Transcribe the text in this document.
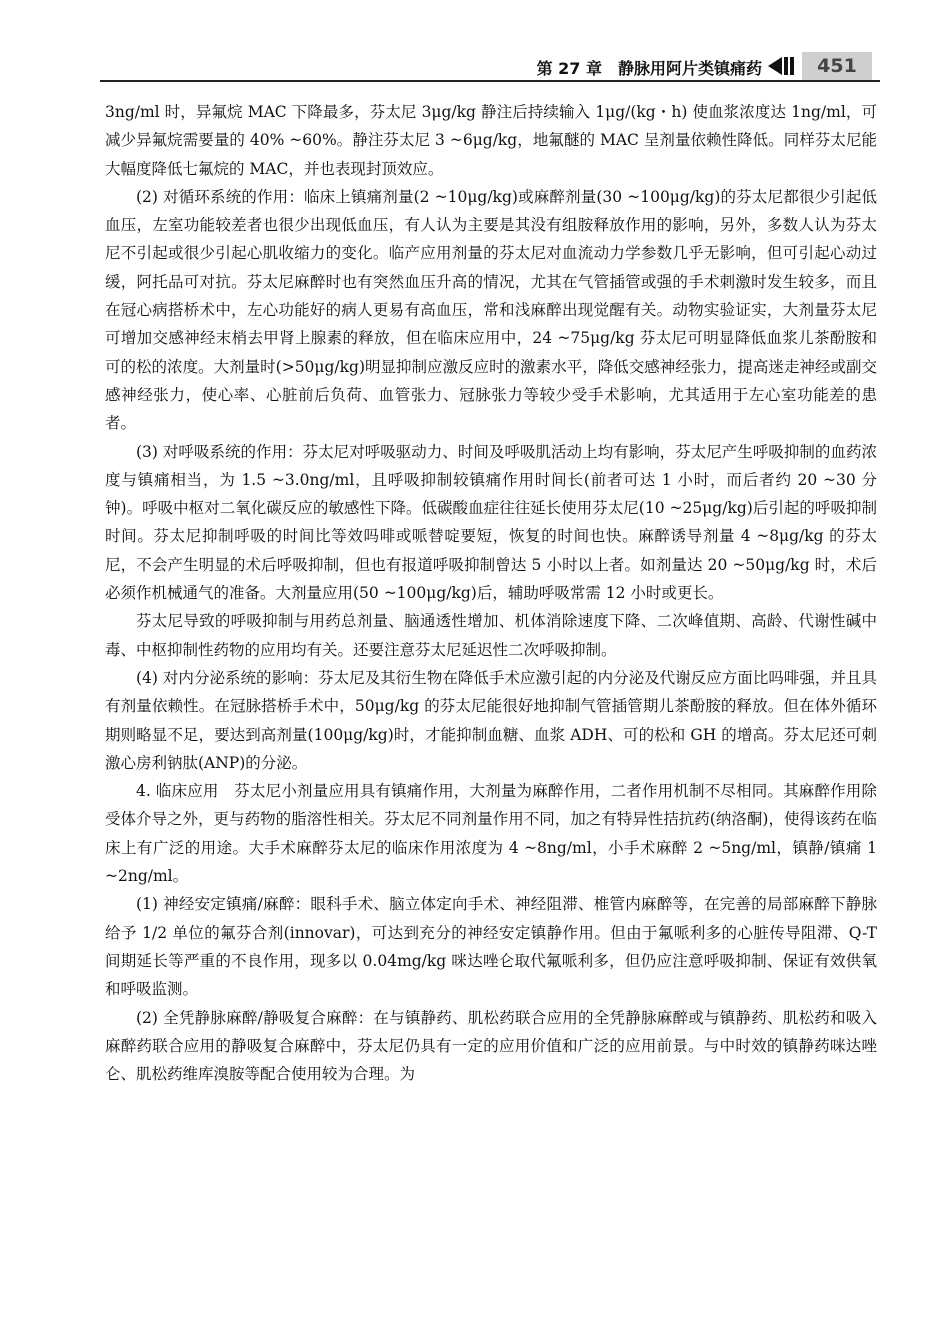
第 27 章　静脉用阿片类镇痛药	451

3ng/ml 时，异氟烷 MAC 下降最多，芬太尼 3μg/kg 静注后持续输入 1μg/(kg・h) 使血浆浓度达 1ng/ml，可减少异氟烷需要量的 40% ~60%。静注芬太尼 3 ~6μg/kg，地氟醚的 MAC 呈剂量依赖性降低。同样芬太尼能大幅度降低七氟烷的 MAC，并也表现封顶效应。

(2) 对循环系统的作用：临床上镇痛剂量(2 ~10μg/kg)或麻醉剂量(30 ~100μg/kg)的芬太尼都很少引起低血压，左室功能较差者也很少出现低血压，有人认为主要是其没有组胺释放作用的影响，另外，多数人认为芬太尼不引起或很少引起心肌收缩力的变化。临产应用剂量的芬太尼对血流动力学参数几乎无影响，但可引起心动过缓，阿托品可对抗。芬太尼麻醉时也有突然血压升高的情况，尤其在气管插管或强的手术刺激时发生较多，而且在冠心病搭桥术中，左心功能好的病人更易有高血压，常和浅麻醉出现觉醒有关。动物实验证实，大剂量芬太尼可增加交感神经末梢去甲肾上腺素的释放，但在临床应用中，24 ~75μg/kg 芬太尼可明显降低血浆儿茶酚胺和可的松的浓度。大剂量时(>50μg/kg)明显抑制应激反应时的激素水平，降低交感神经张力，提高迷走神经或副交感神经张力，使心率、心脏前后负荷、血管张力、冠脉张力等较少受手术影响，尤其适用于左心室功能差的患者。

(3) 对呼吸系统的作用：芬太尼对呼吸驱动力、时间及呼吸肌活动上均有影响，芬太尼产生呼吸抑制的血药浓度与镇痛相当，为 1.5 ~3.0ng/ml，且呼吸抑制较镇痛作用时间长(前者可达 1 小时，而后者约 20 ~30 分钟)。呼吸中枢对二氧化碳反应的敏感性下降。低碳酸血症往往延长使用芬太尼(10 ~25μg/kg)后引起的呼吸抑制时间。芬太尼抑制呼吸的时间比等效吗啡或哌替啶要短，恢复的时间也快。麻醉诱导剂量 4 ~8μg/kg 的芬太尼，不会产生明显的术后呼吸抑制，但也有报道呼吸抑制曾达 5 小时以上者。如剂量达 20 ~50μg/kg 时，术后必须作机械通气的准备。大剂量应用(50 ~100μg/kg)后，辅助呼吸常需 12 小时或更长。

芬太尼导致的呼吸抑制与用药总剂量、脑通透性增加、机体消除速度下降、二次峰值期、高龄、代谢性碱中毒、中枢抑制性药物的应用均有关。还要注意芬太尼延迟性二次呼吸抑制。

(4) 对内分泌系统的影响：芬太尼及其衍生物在降低手术应激引起的内分泌及代谢反应方面比吗啡强，并且具有剂量依赖性。在冠脉搭桥手术中，50μg/kg 的芬太尼能很好地抑制气管插管期儿茶酚胺的释放。但在体外循环期则略显不足，要达到高剂量(100μg/kg)时，才能抑制血糖、血浆 ADH、可的松和 GH 的增高。芬太尼还可刺激心房利钠肽(ANP)的分泌。

4. 临床应用　芬太尼小剂量应用具有镇痛作用，大剂量为麻醉作用，二者作用机制不尽相同。其麻醉作用除受体介导之外，更与药物的脂溶性相关。芬太尼不同剂量作用不同，加之有特异性拮抗药(纳洛酮)，使得该药在临床上有广泛的用途。大手术麻醉芬太尼的临床作用浓度为 4 ~8ng/ml，小手术麻醉 2 ~5ng/ml，镇静/镇痛 1 ~2ng/ml。

(1) 神经安定镇痛/麻醉：眼科手术、脑立体定向手术、神经阻滞、椎管内麻醉等，在完善的局部麻醉下静脉给予 1/2 单位的氟芬合剂(innovar)，可达到充分的神经安定镇静作用。但由于氟哌利多的心脏传导阻滞、Q-T 间期延长等严重的不良作用，现多以 0.04mg/kg 咪达唑仑取代氟哌利多，但仍应注意呼吸抑制、保证有效供氧和呼吸监测。

(2) 全凭静脉麻醉/静吸复合麻醉：在与镇静药、肌松药联合应用的全凭静脉麻醉或与镇静药、肌松药和吸入麻醉药联合应用的静吸复合麻醉中，芬太尼仍具有一定的应用价值和广泛的应用前景。与中时效的镇静药咪达唑仑、肌松药维库溴胺等配合使用较为合理。为
